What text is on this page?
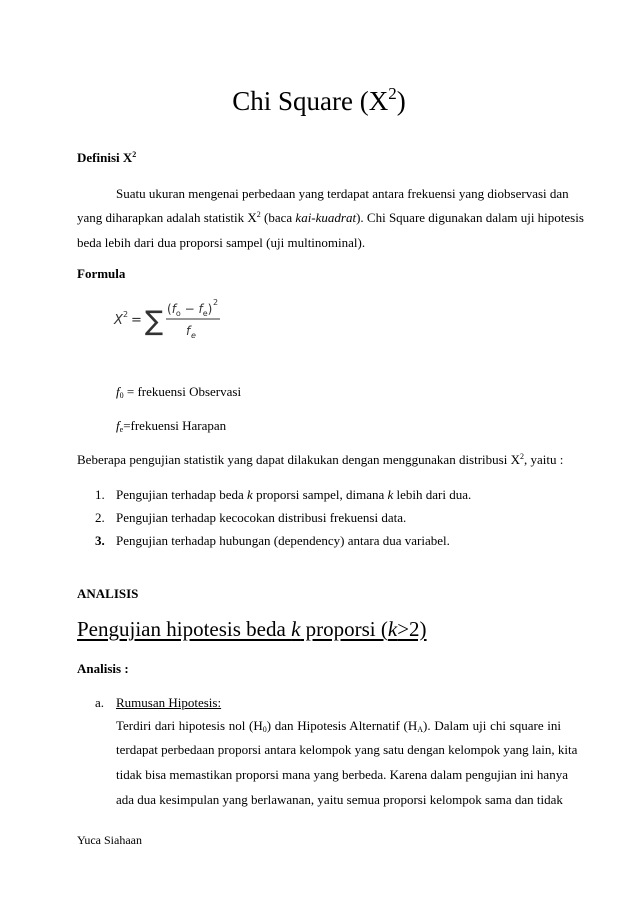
Chi Square $(X^2)$
Definisi $X^2$
Suatu ukuran mengenai perbedaan yang terdapat antara frekuensi yang diobservasi dan
yang diharapkan adalah statistik $X^2$ (baca kai-kuadrat). Chi Square digunakan dalam uji hipotesis
beda lebih dari dua proporsi sampel (uji multinominal).
Formula
X 2 = ∑ $(f_o - f_e)$ 2
f e
$f_0$ = frekuensi Observasi
$f_e=frekuensi$ Harapan
Beberapa pengujian statistik yang dapat dilakukan dengan menggunakan distribusi $X^2$, yaitu :
1. Pengujian terhadap beda k proporsi sampel, dimana k lebih dari dua.
2. Pengujian terhadap kecocokan distribusi frekuensi data.
3. Pengujian terhadap hubungan (dependency) antara dua variabel.
ANALISIS
Pengujian hipotesis beda k proporsi (k>2)
Analisis :
a. Rumusan Hipotesis:
Terdiri dari hipotesis nol $(H_0)$ dan Hipotesis Alternatif $(H_A)$. Dalam uji chi square ini
terdapat perbedaan proporsi antara kelompok yang satu dengan kelompok yang lain, kita
tidak bisa memastikan proporsi mana yang berbeda. Karena dalam pengujian ini hanya
ada dua kesimpulan yang berlawanan, yaitu semua proporsi kelompok sama dan tidak
Yuca Siahaan
